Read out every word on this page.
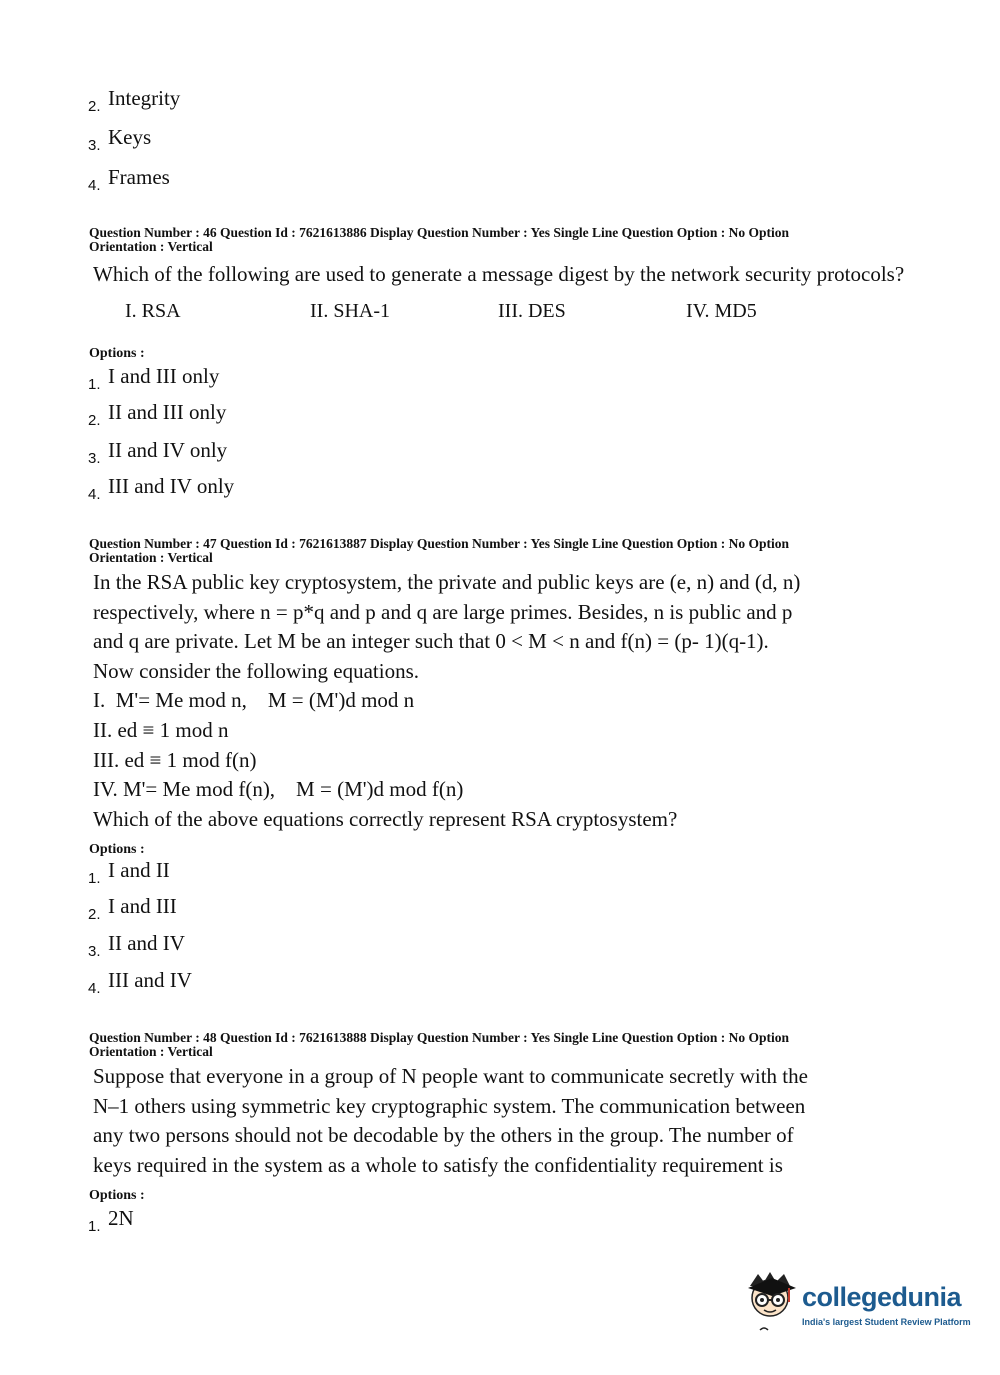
2. Integrity
3. Keys
4. Frames
Question Number : 46 Question Id : 7621613886 Display Question Number : Yes Single Line Question Option : No Option
Orientation : Vertical
Which of the following are used to generate a message digest by the network security protocols?
I. RSA	II. SHA-1	III. DES	IV. MD5
Options :
1. I and III only
2. II and III only
3. II and IV only
4. III and IV only
Question Number : 47 Question Id : 7621613887 Display Question Number : Yes Single Line Question Option : No Option
Orientation : Vertical
In the RSA public key cryptosystem, the private and public keys are (e, n) and (d, n)
respectively, where n = p*q and p and q are large primes. Besides, n is public and p
and q are private. Let M be an integer such that 0 < M < n and f(n) = (p- 1)(q-1).
Now consider the following equations.
I.  M'= Me mod n,    M = (M')d mod n
II. ed ≡ 1 mod n
III. ed ≡ 1 mod f(n)
IV. M'= Me mod f(n),    M = (M')d mod f(n)
Which of the above equations correctly represent RSA cryptosystem?
Options :
1. I and II
2. I and III
3. II and IV
4. III and IV
Question Number : 48 Question Id : 7621613888 Display Question Number : Yes Single Line Question Option : No Option
Orientation : Vertical
Suppose that everyone in a group of N people want to communicate secretly with the
N–1 others using symmetric key cryptographic system. The communication between
any two persons should not be decodable by the others in the group. The number of
keys required in the system as a whole to satisfy the confidentiality requirement is
Options :
1. 2N
collegedunia
India's largest Student Review Platform
